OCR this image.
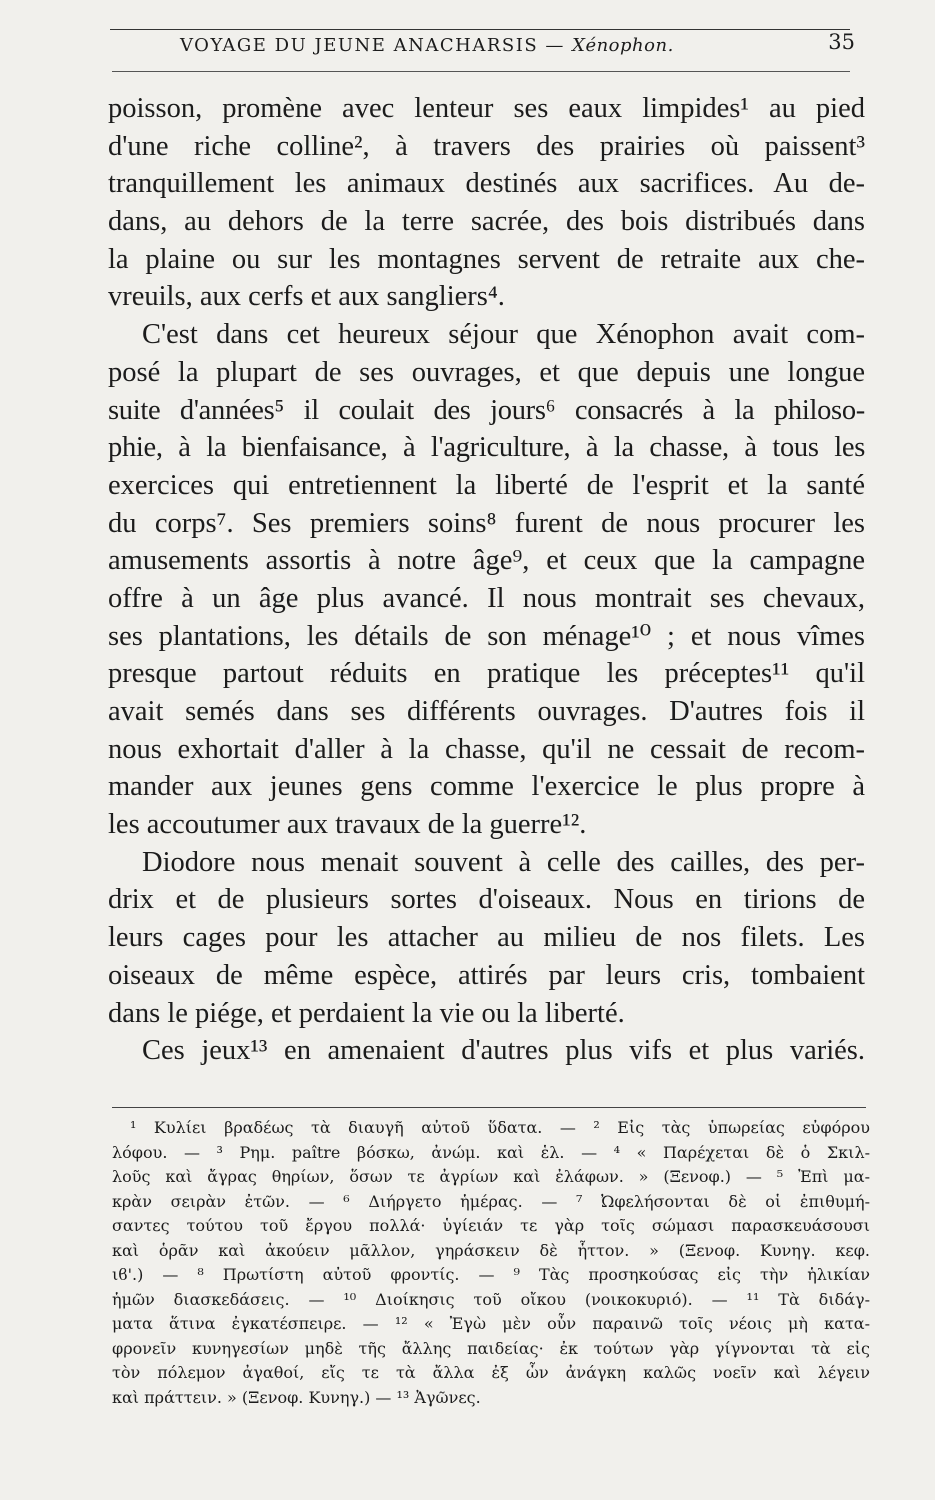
VOYAGE DU JEUNE ANACHARSIS — Xénophon.	35
poisson, promène avec lenteur ses eaux limpides¹ au pied
d'une riche colline², à travers des prairies où paissent³
tranquillement les animaux destinés aux sacrifices. Au de-
dans, au dehors de la terre sacrée, des bois distribués dans
la plaine ou sur les montagnes servent de retraite aux che-
vreuils, aux cerfs et aux sangliers⁴.
C'est dans cet heureux séjour que Xénophon avait com-
posé la plupart de ses ouvrages, et que depuis une longue
suite d'années⁵ il coulait des jours⁶ consacrés à la philoso-
phie, à la bienfaisance, à l'agriculture, à la chasse, à tous les
exercices qui entretiennent la liberté de l'esprit et la santé
du corps⁷. Ses premiers soins⁸ furent de nous procurer les
amusements assortis à notre âge⁹, et ceux que la campagne
offre à un âge plus avancé. Il nous montrait ses chevaux,
ses plantations, les détails de son ménage¹⁰ ; et nous vîmes
presque partout réduits en pratique les préceptes¹¹ qu'il
avait semés dans ses différents ouvrages. D'autres fois il
nous exhortait d'aller à la chasse, qu'il ne cessait de recom-
mander aux jeunes gens comme l'exercice le plus propre à
les accoutumer aux travaux de la guerre¹².
Diodore nous menait souvent à celle des cailles, des per-
drix et de plusieurs sortes d'oiseaux. Nous en tirions de
leurs cages pour les attacher au milieu de nos filets. Les
oiseaux de même espèce, attirés par leurs cris, tombaient
dans le piége, et perdaient la vie ou la liberté.
Ces jeux¹³ en amenaient d'autres plus vifs et plus variés.
¹ Κυλίει βραδέως τὰ διαυγῆ αὐτοῦ ὕδατα. — ² Εἰς τὰς ὑπωρείας εὐφόρου
λόφου. — ³ Ρημ. paître βόσκω, ἀνώμ. καὶ ἑλ. — ⁴ « Παρέχεται δὲ ὁ Σκιλ-
λοῦς καὶ ἄγρας θηρίων, ὅσων τε ἀγρίων καὶ ἐλάφων. » (Ξενοφ.) — ⁵ Ἐπὶ μα-
κρὰν σειρὰν ἐτῶν. — ⁶ Διήργετο ἡμέρας. — ⁷ Ὠφελήσονται δὲ οἱ ἐπιθυμή-
σαντες τούτου τοῦ ἔργου πολλά· ὑγίειάν τε γὰρ τοῖς σώμασι παρασκευάσουσι
καὶ ὁρᾶν καὶ ἀκούειν μᾶλλον, γηράσκειν δὲ ἧττον. » (Ξενοφ. Κυνηγ. κεφ.
ιϐ'.) — ⁸ Πρωτίστη αὐτοῦ φροντίς. — ⁹ Τὰς προσηκούσας εἰς τὴν ἡλικίαν
ἡμῶν διασκεδάσεις. — ¹⁰ Διοίκησις τοῦ οἴκου (νοικοκυριό). — ¹¹ Τὰ διδάγ-
ματα ἅτινα ἐγκατέσπειρε. — ¹² « Ἐγὼ μὲν οὖν παραινῶ τοῖς νέοις μὴ κατα-
φρονεῖν κυνηγεσίων μηδὲ τῆς ἄλλης παιδείας· ἐκ τούτων γὰρ γίγνονται τὰ εἰς
τὸν πόλεμον ἀγαθοί, εἴς τε τὰ ἄλλα ἐξ ὧν ἀνάγκη καλῶς νοεῖν καὶ λέγειν
καὶ πράττειν. » (Ξενοφ. Κυνηγ.) — ¹³ Ἀγῶνες.
